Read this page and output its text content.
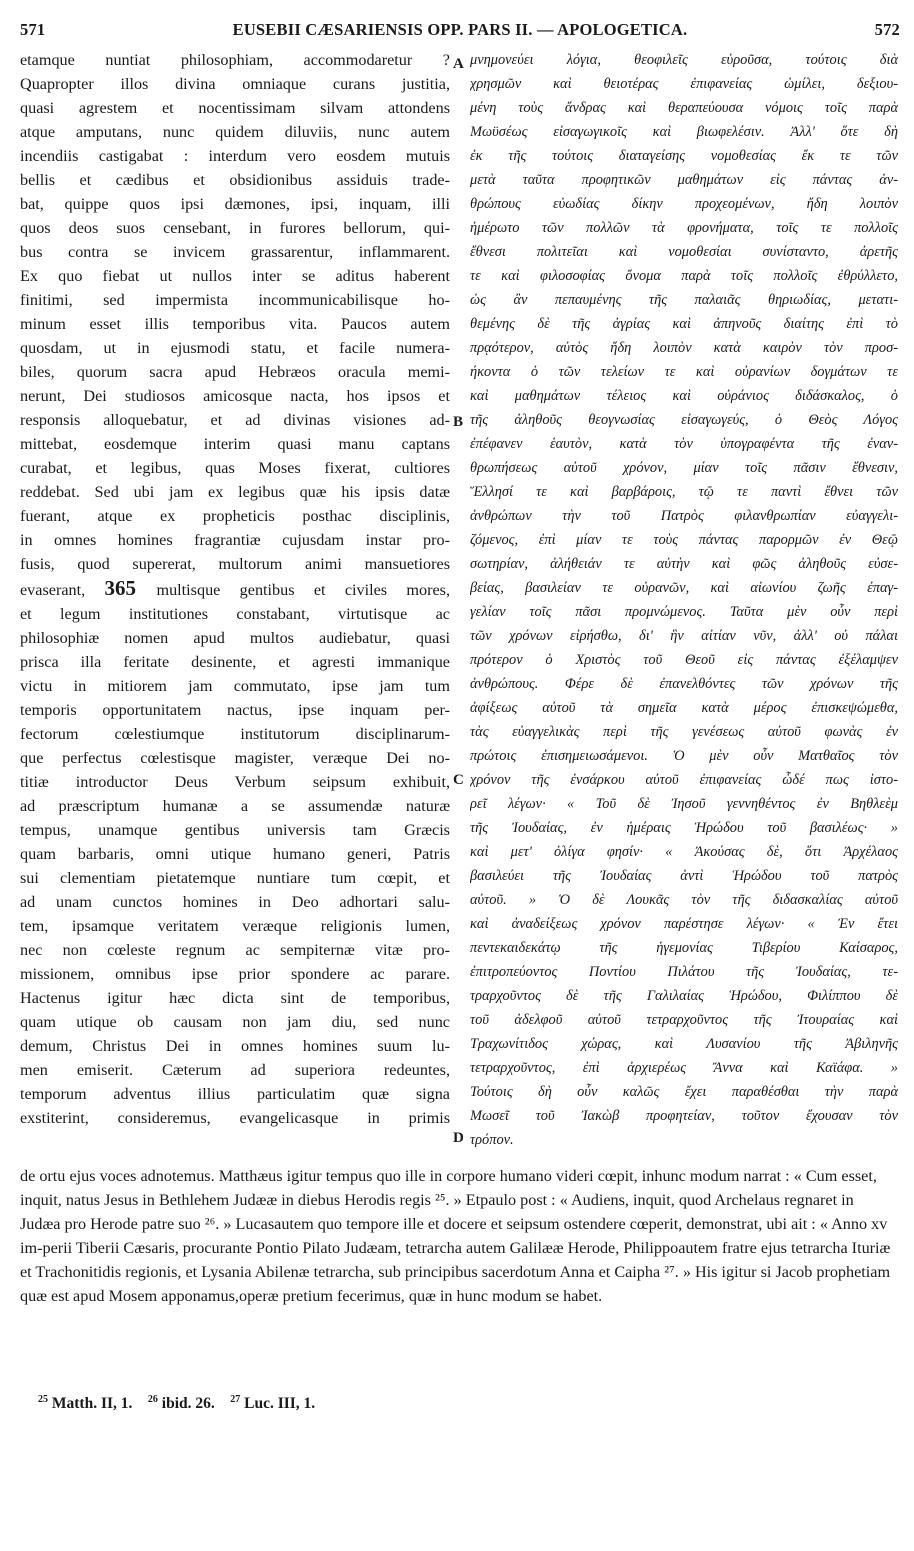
571	EUSEBII CÆSARIENSIS OPP. PARS II. — APOLOGETICA.	572
etamque nuntiat philosophiam, accommodaretur ?
Quapropter illos divina omniaque curans justitia,
quasi agrestem et nocentissimam silvam attondens
atque amputans, nunc quidem diluviis, nunc autem
incendiis castigabat : interdum vero eosdem mutuis
bellis et cædibus et obsidionibus assiduis trade-
bat, quippe quos ipsi dæmones, ipsi, inquam, illi
quos deos suos censebant, in furores bellorum, qui-
bus contra se invicem grassarentur, inflammarent.
Ex quo fiebat ut nullos inter se aditus haberent
finitimi, sed impermista incommunicabilisque ho-
minum esset illis temporibus vita. Paucos autem
quosdam, ut in ejusmodi statu, et facile numera-
biles, quorum sacra apud Hebræos oracula memi-
nerunt, Dei studiosos amicosque nacta, hos ipsos et
responsis alloquebatur, et ad divinas visiones ad-
mittebat, eosdemque interim quasi manu captans
curabat, et legibus, quas Moses fixerat, cultiores
reddebat. Sed ubi jam ex legibus quæ his ipsis datæ
fuerant, atque ex propheticis posthac disciplinis,
in omnes homines fragrantiæ cujusdam instar pro-
fusis, quod supererat, multorum animi mansuetiores
evaserant, 365 multisque gentibus et civiles mores,
et legum institutiones constabant, virtutisque ac
philosophiæ nomen apud multos audiebatur, quasi
prisca illa feritate desinente, et agresti immanique
victu in mitiorem jam commutato, ipse jam tum
temporis opportunitatem nactus, ipse inquam per-
fectorum cœlestiumque institutorum disciplinarum-
que perfectus cœlestisque magister, veræque Dei no-
titiæ introductor Deus Verbum seipsum exhibuit,
ad præscriptum humanæ a se assumendæ naturæ
tempus, unamque gentibus universis tam Græcis
quam barbaris, omni utique humano generi, Patris
sui clementiam pietatemque nuntiare tum cœpit, et
ad unam cunctos homines in Deo adhortari salu-
tem, ipsamque veritatem veræque religionis lumen,
nec non cœleste regnum ac sempiternæ vitæ pro-
missionem, omnibus ipse prior spondere ac parare.
Hactenus igitur hæc dicta sint de temporibus,
quam utique ob causam non jam diu, sed nunc
demum, Christus Dei in omnes homines suum lu-
men emiserit. Cæterum ad superiora redeuntes,
temporum adventus illius particulatim quæ signa
exstiterint, consideremus, evangelicasque in primis
μνημονεύει λόγια, θεοφιλεῖς εὑροῦσα, τούτοις διὰ
χρησμῶν καὶ θειοτέρας ἐπιφανείας ὡμίλει, δεξιου-
μένη τοὺς ἄνδρας καὶ θεραπεύουσα νόμοις τοῖς παρὰ
Μωϋσέως εἰσαγωγικοῖς καὶ βιωφελέσιν. Ἀλλ' ὅτε δὴ
ἐκ τῆς τούτοις διαταγείσης νομοθεσίας ἔκ τε τῶν
μετὰ ταῦτα προφητικῶν μαθημάτων εἰς πάντας ἀν-
θρώπους εὐωδίας δίκην προχεομένων, ἤδη λοιπὸν
ἡμέρωτο τῶν πολλῶν τὰ φρονήματα, τοῖς τε πολλοῖς
ἔθνεσι πολιτεῖαι καὶ νομοθεσίαι συνίσταντο, ἀρετῆς
τε καὶ φιλοσοφίας ὄνομα παρὰ τοῖς πολλοῖς ἐθρύλλετο,
ὡς ἂν πεπαυμένης τῆς παλαιᾶς θηριωδίας, μετατι-
θεμένης δὲ τῆς ἀγρίας καὶ ἀπηνοῦς διαίτης ἐπὶ τὸ
πρᾳότερον, αὐτὸς ἤδη λοιπὸν κατὰ καιρὸν τὸν προσ-
ήκοντα ὁ τῶν τελείων τε καὶ οὐρανίων δογμάτων τε
καὶ μαθημάτων τέλειος καὶ οὐράνιος διδάσκαλος, ὁ
τῆς ἀληθοῦς θεογνωσίας εἰσαγωγεύς, ὁ Θεὸς Λόγος
ἐπέφανεν ἑαυτὸν, κατὰ τὸν ὑπογραφέντα τῆς ἐναν-
θρωπήσεως αὐτοῦ χρόνον, μίαν τοῖς πᾶσιν ἔθνεσιν,
Ἕλλησί τε καὶ βαρβάροις, τῷ τε παντὶ ἔθνει τῶν
ἀνθρώπων τὴν τοῦ Πατρὸς φιλανθρωπίαν εὐαγγελι-
ζόμενος, ἐπὶ μίαν τε τοὺς πάντας παρορμῶν ἐν Θεῷ
σωτηρίαν, ἀλήθειάν τε αὐτὴν καὶ φῶς ἀληθοῦς εὐσε-
βείας, βασιλείαν τε οὐρανῶν, καὶ αἰωνίου ζωῆς ἐπαγ-
γελίαν τοῖς πᾶσι προμνώμενος. Ταῦτα μὲν οὖν περὶ
τῶν χρόνων εἰρήσθω, δι' ἣν αἰτίαν νῦν, ἀλλ' οὐ πάλαι
πρότερον ὁ Χριστὸς τοῦ Θεοῦ εἰς πάντας ἐξέλαμψεν
ἀνθρώπους. Φέρε δὲ ἐπανελθόντες τῶν χρόνων τῆς
ἀφίξεως αὐτοῦ τὰ σημεῖα κατὰ μέρος ἐπισκεψώμεθα,
τὰς εὐαγγελικὰς περὶ τῆς γενέσεως αὐτοῦ φωνὰς ἐν
πρώτοις ἐπισημειωσάμενοι. Ὁ μὲν οὖν Ματθαῖος τὸν
χρόνον τῆς ἐνσάρκου αὐτοῦ ἐπιφανείας ὧδέ πως ἱστο-
ρεῖ λέγων· « Τοῦ δὲ Ἰησοῦ γεννηθέντος ἐν Βηθλεὲμ
τῆς Ἰουδαίας, ἐν ἡμέραις Ἡρώδου τοῦ βασιλέως· »
καὶ μετ' ὀλίγα φησίν· « Ἀκούσας δὲ, ὅτι Ἀρχέλαος
βασιλεύει τῆς Ἰουδαίας ἀντὶ Ἡρώδου τοῦ πατρὸς
αὐτοῦ. » Ὁ δὲ Λουκᾶς τὸν τῆς διδασκαλίας αὐτοῦ
καὶ ἀναδείξεως χρόνον παρέστησε λέγων· « Ἐν ἔτει
πεντεκαιδεκάτῳ τῆς ἡγεμονίας Τιβερίου Καίσαρος,
ἐπιτροπεύοντος Ποντίου Πιλάτου τῆς Ἰουδαίας, τε-
τραρχοῦντος δὲ τῆς Γαλιλαίας Ἡρώδου, Φιλίππου δὲ
τοῦ ἀδελφοῦ αὐτοῦ τετραρχοῦντος τῆς Ἰτουραίας καὶ
Τραχωνίτιδος χώρας, καὶ Λυσανίου τῆς Ἀβιληνῆς
τετραρχοῦντος, ἐπὶ ἀρχιερέως Ἄννα καὶ Καϊάφα. »
Τούτοις δὴ οὖν καλῶς ἔχει παραθέσθαι τὴν παρὰ
Μωσεῖ τοῦ Ἰακὼβ προφητείαν, τοῦτον ἔχουσαν τὸν
τρόπον.
A
B
C
D
de ortu ejus voces adnotemus. Matthæus igitur tempus quo ille in corpore humano videri cœpit, inhunc modum narrat : « Cum esset, inquit, natus Jesus in Bethlehem Judææ in diebus Herodis regis ²⁵. » Etpaulo post : « Audiens, inquit, quod Archelaus regnaret in Judæa pro Herode patre suo ²⁶. » Lucasautem quo tempore ille et docere et seipsum ostendere cœperit, demonstrat, ubi ait : « Anno xv im-perii Tiberii Cæsaris, procurante Pontio Pilato Judæam, tetrarcha autem Galilææ Herode, Philippoautem fratre ejus tetrarcha Ituriæ et Trachonitidis regionis, et Lysania Abilenæ tetrarcha, sub principibus sacerdotum Anna et Caipha ²⁷. » His igitur si Jacob prophetiam quæ est apud Mosem apponamus,operæ pretium fecerimus, quæ in hunc modum se habet.
$^{25}$ Matth. II, 1. $^{26}$ ibid. 26. $^{27}$ Luc. III, 1.
